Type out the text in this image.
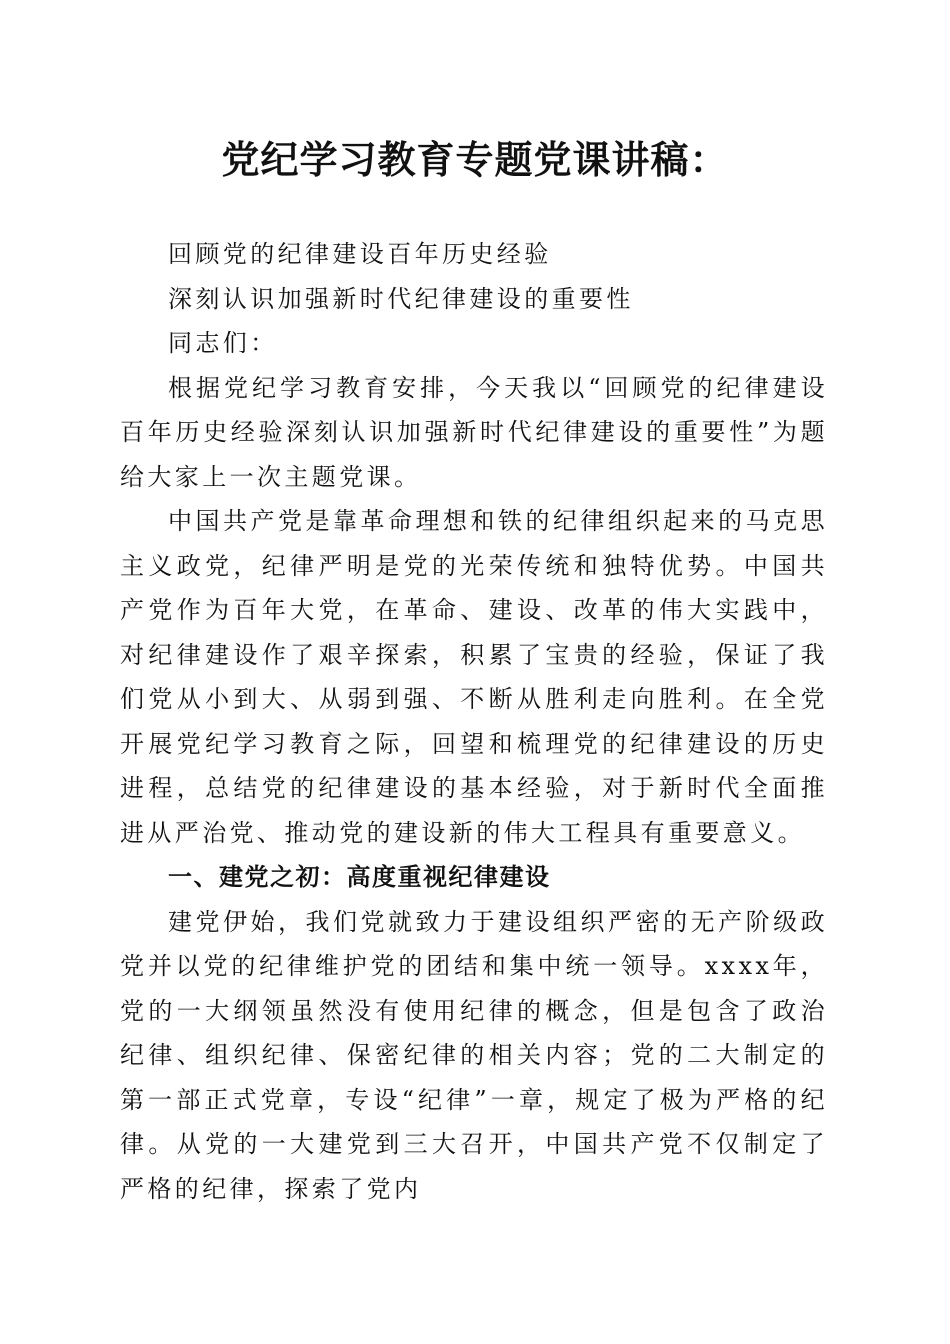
党纪学习教育专题党课讲稿：

回顾党的纪律建设百年历史经验

深刻认识加强新时代纪律建设的重要性

同志们：

根据党纪学习教育安排，今天我以“回顾党的纪律建设百年历史经验深刻认识加强新时代纪律建设的重要性”为题给大家上一次主题党课。

中国共产党是靠革命理想和铁的纪律组织起来的马克思主义政党，纪律严明是党的光荣传统和独特优势。中国共产党作为百年大党，在革命、建设、改革的伟大实践中，对纪律建设作了艰辛探索，积累了宝贵的经验，保证了我们党从小到大、从弱到强、不断从胜利走向胜利。在全党开展党纪学习教育之际，回望和梳理党的纪律建设的历史进程，总结党的纪律建设的基本经验，对于新时代全面推进从严治党、推动党的建设新的伟大工程具有重要意义。

一、建党之初：高度重视纪律建设

建党伊始，我们党就致力于建设组织严密的无产阶级政党并以党的纪律维护党的团结和集中统一领导。xxxx年，党的一大纲领虽然没有使用纪律的概念，但是包含了政治纪律、组织纪律、保密纪律的相关内容；党的二大制定的第一部正式党章，专设“纪律”一章，规定了极为严格的纪律。从党的一大建党到三大召开，中国共产党不仅制定了严格的纪律，探索了党内
